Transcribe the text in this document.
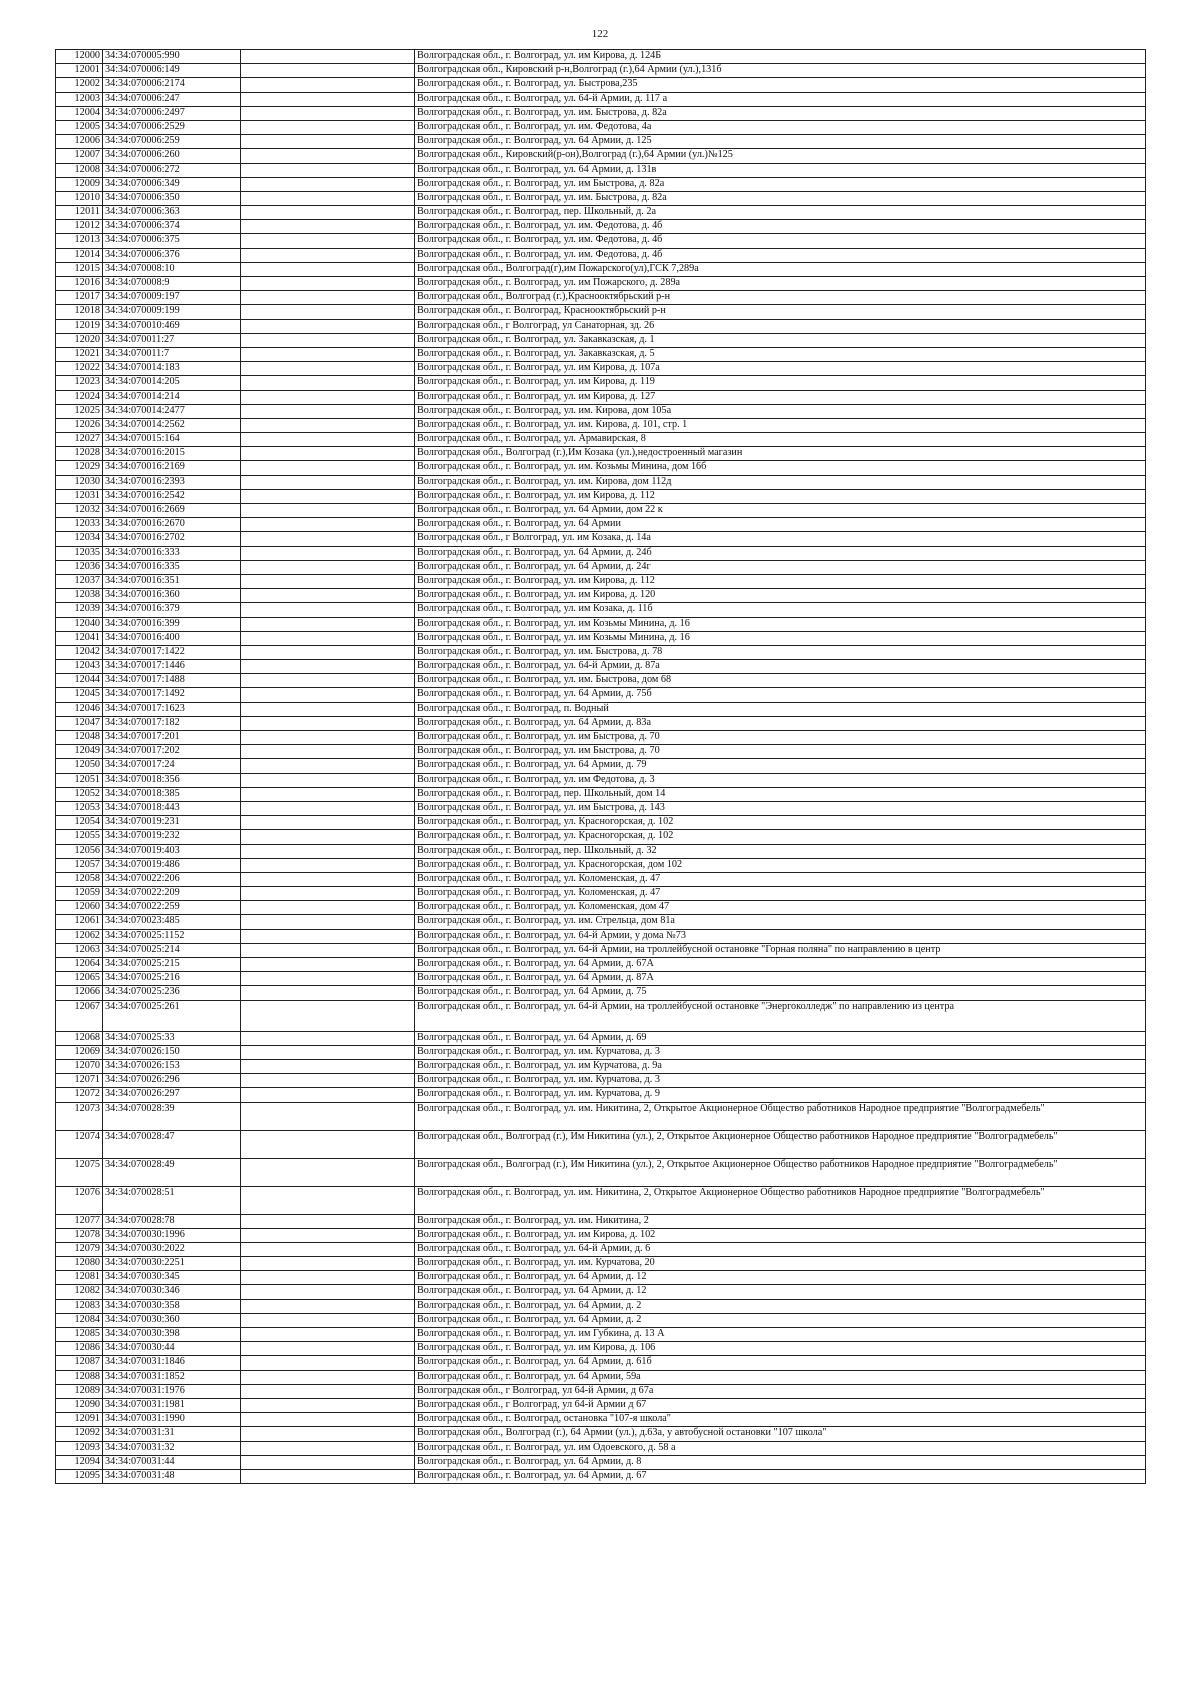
122
12000	34:34:070005:990		Волгоградская обл., г. Волгоград, ул. им Кирова, д. 124Б
12001	34:34:070006:149		Волгоградская обл., Кировский р-н,Волгоград (г.),64 Армии (ул.),131б
12002	34:34:070006:2174		Волгоградская обл., г. Волгоград, ул. Быстрова,235
12003	34:34:070006:247		Волгоградская обл., г. Волгоград, ул. 64-й Армии, д. 117 а
12004	34:34:070006:2497		Волгоградская обл., г. Волгоград, ул. им. Быстрова, д. 82а
12005	34:34:070006:2529		Волгоградская обл., г. Волгоград, ул. им. Федотова, 4а
12006	34:34:070006:259		Волгоградская обл., г. Волгоград, ул. 64 Армии, д. 125
12007	34:34:070006:260		Волгоградская обл., Кировский(р-он),Волгоград (г.),64 Армии (ул.)№125
12008	34:34:070006:272		Волгоградская обл., г. Волгоград, ул. 64 Армии, д. 131в
12009	34:34:070006:349		Волгоградская обл., г. Волгоград, ул. им Быстрова, д. 82а
12010	34:34:070006:350		Волгоградская обл., г. Волгоград, ул. им. Быстрова, д. 82а
12011	34:34:070006:363		Волгоградская обл., г. Волгоград, пер. Школьный, д. 2а
12012	34:34:070006:374		Волгоградская обл., г. Волгоград, ул. им. Федотова, д. 4б
12013	34:34:070006:375		Волгоградская обл., г. Волгоград, ул. им. Федотова, д. 4б
12014	34:34:070006:376		Волгоградская обл., г. Волгоград, ул. им. Федотова, д. 4б
12015	34:34:070008:10		Волгоградская обл., Волгоград(г),им Пожарского(ул),ГСК 7,289а
12016	34:34:070008:9		Волгоградская обл., г. Волгоград, ул. им Пожарского, д. 289а
12017	34:34:070009:197		Волгоградская обл., Волгоград (г.),Краснооктябрьский р-н
12018	34:34:070009:199		Волгоградская обл., г. Волгоград, Краснооктябрьский р-н
12019	34:34:070010:469		Волгоградская обл., г Волгоград, ул Санаторная, зд. 26
12020	34:34:070011:27		Волгоградская обл., г. Волгоград, ул. Закавказская, д. 1
12021	34:34:070011:7		Волгоградская обл., г. Волгоград, ул. Закавказская, д. 5
12022	34:34:070014:183		Волгоградская обл., г. Волгоград, ул. им Кирова, д. 107а
12023	34:34:070014:205		Волгоградская обл., г. Волгоград, ул. им Кирова, д. 119
12024	34:34:070014:214		Волгоградская обл., г. Волгоград, ул. им Кирова, д. 127
12025	34:34:070014:2477		Волгоградская обл., г. Волгоград, ул. им. Кирова, дом 105а
12026	34:34:070014:2562		Волгоградская обл., г. Волгоград, ул. им. Кирова, д. 101, стр. 1
12027	34:34:070015:164		Волгоградская обл., г. Волгоград, ул. Армавирская, 8
12028	34:34:070016:2015		Волгоградская обл., Волгоград (г.),Им Козака (ул.),недостроенный магазин
12029	34:34:070016:2169		Волгоградская обл., г. Волгоград, ул. им. Козьмы Минина, дом 16б
12030	34:34:070016:2393		Волгоградская обл., г. Волгоград, ул. им. Кирова, дом 112д
12031	34:34:070016:2542		Волгоградская обл., г. Волгоград, ул. им Кирова, д. 112
12032	34:34:070016:2669		Волгоградская обл., г. Волгоград, ул. 64 Армии, дом 22 к
12033	34:34:070016:2670		Волгоградская обл., г. Волгоград, ул. 64 Армии
12034	34:34:070016:2702		Волгоградская обл., г Волгоград, ул. им Козака, д. 14а
12035	34:34:070016:333		Волгоградская обл., г. Волгоград, ул. 64 Армии, д. 24б
12036	34:34:070016:335		Волгоградская обл., г. Волгоград, ул. 64 Армии, д. 24г
12037	34:34:070016:351		Волгоградская обл., г. Волгоград, ул. им Кирова, д. 112
12038	34:34:070016:360		Волгоградская обл., г. Волгоград, ул. им Кирова, д. 120
12039	34:34:070016:379		Волгоградская обл., г. Волгоград, ул. им Козака, д. 11б
12040	34:34:070016:399		Волгоградская обл., г. Волгоград, ул. им Козьмы Минина, д. 16
12041	34:34:070016:400		Волгоградская обл., г. Волгоград, ул. им Козьмы Минина, д. 16
12042	34:34:070017:1422		Волгоградская обл., г. Волгоград, ул. им. Быстрова, д. 78
12043	34:34:070017:1446		Волгоградская обл., г. Волгоград, ул. 64-й Армии, д. 87а
12044	34:34:070017:1488		Волгоградская обл., г. Волгоград, ул. им. Быстрова, дом 68
12045	34:34:070017:1492		Волгоградская обл., г. Волгоград, ул. 64 Армии, д. 75б
12046	34:34:070017:1623		Волгоградская обл., г. Волгоград, п. Водный
12047	34:34:070017:182		Волгоградская обл., г. Волгоград, ул. 64 Армии, д. 83а
12048	34:34:070017:201		Волгоградская обл., г. Волгоград, ул. им Быстрова, д. 70
12049	34:34:070017:202		Волгоградская обл., г. Волгоград, ул. им Быстрова, д. 70
12050	34:34:070017:24		Волгоградская обл., г. Волгоград, ул. 64 Армии, д. 79
12051	34:34:070018:356		Волгоградская обл., г. Волгоград, ул. им Федотова, д. 3
12052	34:34:070018:385		Волгоградская обл., г. Волгоград, пер. Школьный, дом 14
12053	34:34:070018:443		Волгоградская обл., г. Волгоград, ул. им Быстрова, д. 143
12054	34:34:070019:231		Волгоградская обл., г. Волгоград, ул. Красногорская, д. 102
12055	34:34:070019:232		Волгоградская обл., г. Волгоград, ул. Красногорская, д. 102
12056	34:34:070019:403		Волгоградская обл., г. Волгоград, пер. Школьный, д. 32
12057	34:34:070019:486		Волгоградская обл., г. Волгоград, ул. Красногорская, дом 102
12058	34:34:070022:206		Волгоградская обл., г. Волгоград, ул. Коломенская, д. 47
12059	34:34:070022:209		Волгоградская обл., г. Волгоград, ул. Коломенская, д. 47
12060	34:34:070022:259		Волгоградская обл., г. Волгоград, ул. Коломенская, дом 47
12061	34:34:070023:485		Волгоградская обл., г. Волгоград, ул. им. Стрельца, дом 81а
12062	34:34:070025:1152		Волгоградская обл., г. Волгоград, ул. 64-й Армии, у дома №73
12063	34:34:070025:214		Волгоградская обл., г. Волгоград, ул. 64-й Армии, на троллейбусной остановке "Горная поляна" по направлению в центр
12064	34:34:070025:215		Волгоградская обл., г. Волгоград, ул. 64 Армии, д. 67А
12065	34:34:070025:216		Волгоградская обл., г. Волгоград, ул. 64 Армии, д. 87А
12066	34:34:070025:236		Волгоградская обл., г. Волгоград, ул. 64 Армии, д. 75
12067	34:34:070025:261		Волгоградская обл., г. Волгоград, ул. 64-й Армии, на троллейбусной остановке "Энергоколледж" по направлению из центра
12068	34:34:070025:33		Волгоградская обл., г. Волгоград, ул. 64 Армии, д. 69
12069	34:34:070026:150		Волгоградская обл., г. Волгоград, ул. им. Курчатова, д. 3
12070	34:34:070026:153		Волгоградская обл., г. Волгоград, ул. им Курчатова, д. 9а
12071	34:34:070026:296		Волгоградская обл., г. Волгоград, ул. им. Курчатова, д. 3
12072	34:34:070026:297		Волгоградская обл., г. Волгоград, ул. им. Курчатова, д. 9
12073	34:34:070028:39		Волгоградская обл., г. Волгоград, ул. им. Никитина, 2, Открытое Акционерное Общество работников Народное предприятие "Волгоградмебель"
12074	34:34:070028:47		Волгоградская обл., Волгоград (г.), Им Никитина (ул.), 2, Открытое Акционерное Общество работников Народное предприятие "Волгоградмебель"
12075	34:34:070028:49		Волгоградская обл., Волгоград (г.), Им Никитина (ул.), 2, Открытое Акционерное Общество работников Народное предприятие "Волгоградмебель"
12076	34:34:070028:51		Волгоградская обл., г. Волгоград, ул. им. Никитина, 2, Открытое Акционерное Общество работников Народное предприятие "Волгоградмебель"
12077	34:34:070028:78		Волгоградская обл., г. Волгоград, ул. им. Никитина, 2
12078	34:34:070030:1996		Волгоградская обл., г. Волгоград, ул. им Кирова, д. 102
12079	34:34:070030:2022		Волгоградская обл., г. Волгоград, ул. 64-й Армии, д. 6
12080	34:34:070030:2251		Волгоградская обл., г. Волгоград, ул. им. Курчатова, 20
12081	34:34:070030:345		Волгоградская обл., г. Волгоград, ул. 64 Армии, д. 12
12082	34:34:070030:346		Волгоградская обл., г. Волгоград, ул. 64 Армии, д. 12
12083	34:34:070030:358		Волгоградская обл., г. Волгоград, ул. 64 Армии, д. 2
12084	34:34:070030:360		Волгоградская обл., г. Волгоград, ул. 64 Армии, д. 2
12085	34:34:070030:398		Волгоградская обл., г. Волгоград, ул. им Губкина, д. 13 А
12086	34:34:070030:44		Волгоградская обл., г. Волгоград, ул. им Кирова, д. 106
12087	34:34:070031:1846		Волгоградская обл., г. Волгоград, ул. 64 Армии, д. 61б
12088	34:34:070031:1852		Волгоградская обл., г. Волгоград, ул. 64 Армии, 59а
12089	34:34:070031:1976		Волгоградская обл., г Волгоград, ул 64-й Армии, д 67а
12090	34:34:070031:1981		Волгоградская обл., г Волгоград, ул 64-й Армии д 67
12091	34:34:070031:1990		Волгоградская обл., г. Волгоград, остановка "107-я школа"
12092	34:34:070031:31		Волгоградская обл., Волгоград (г.), 64 Армии (ул.), д.63а, у автобусной остановки "107 школа"
12093	34:34:070031:32		Волгоградская обл., г. Волгоград, ул. им Одоевского, д. 58 а
12094	34:34:070031:44		Волгоградская обл., г. Волгоград, ул. 64 Армии, д. 8
12095	34:34:070031:48		Волгоградская обл., г. Волгоград, ул. 64 Армии, д. 67
